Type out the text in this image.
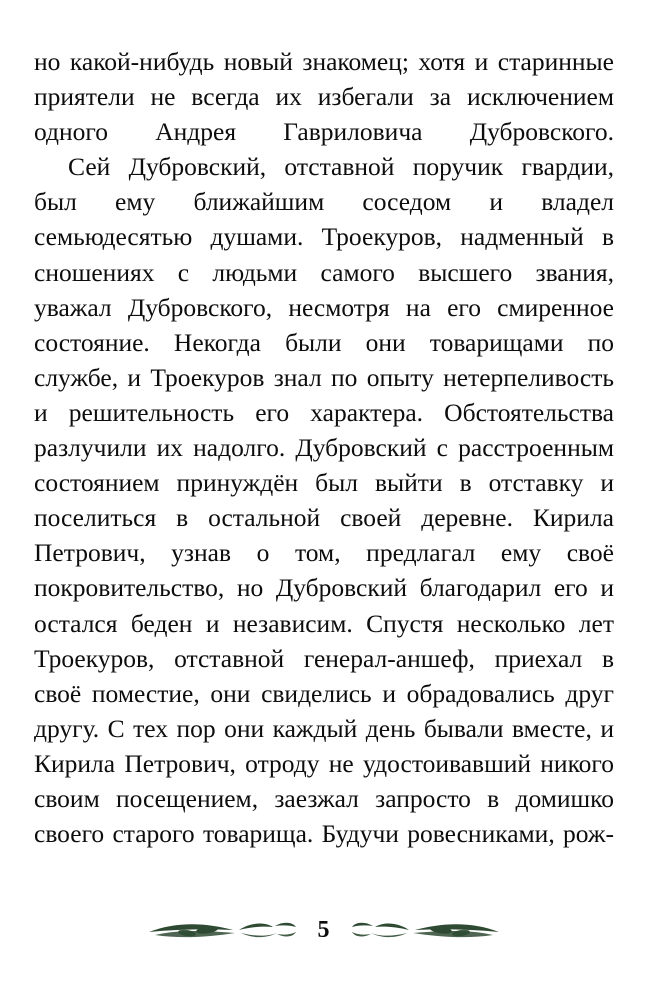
но какой-нибудь новый знакомец; хотя и старинные приятели не всегда их избегали за исключением одного Андрея Гавриловича Дубровского.

Сей Дубровский, отставной поручик гвардии, был ему ближайшим соседом и владел семьюдесятью душами. Троекуров, надменный в сношениях с людьми самого высшего звания, уважал Дубровского, несмотря на его смиренное состояние. Некогда были они товарищами по службе, и Троекуров знал по опыту нетерпеливость и решительность его характера. Обстоятельства разлучили их надолго. Дубровский с расстроенным состоянием принуждён был выйти в отставку и поселиться в остальной своей деревне. Кирила Петрович, узнав о том, предлагал ему своё покровительство, но Дубровский благодарил его и остался беден и независим. Спустя несколько лет Троекуров, отставной генерал-аншеф, приехал в своё поместие, они свиделись и обрадовались друг другу. С тех пор они каждый день бывали вместе, и Кирила Петрович, отроду не удостоивавший никого своим посещением, заезжал запросто в домишко своего старого товарища. Будучи ровесниками, рож-

5
